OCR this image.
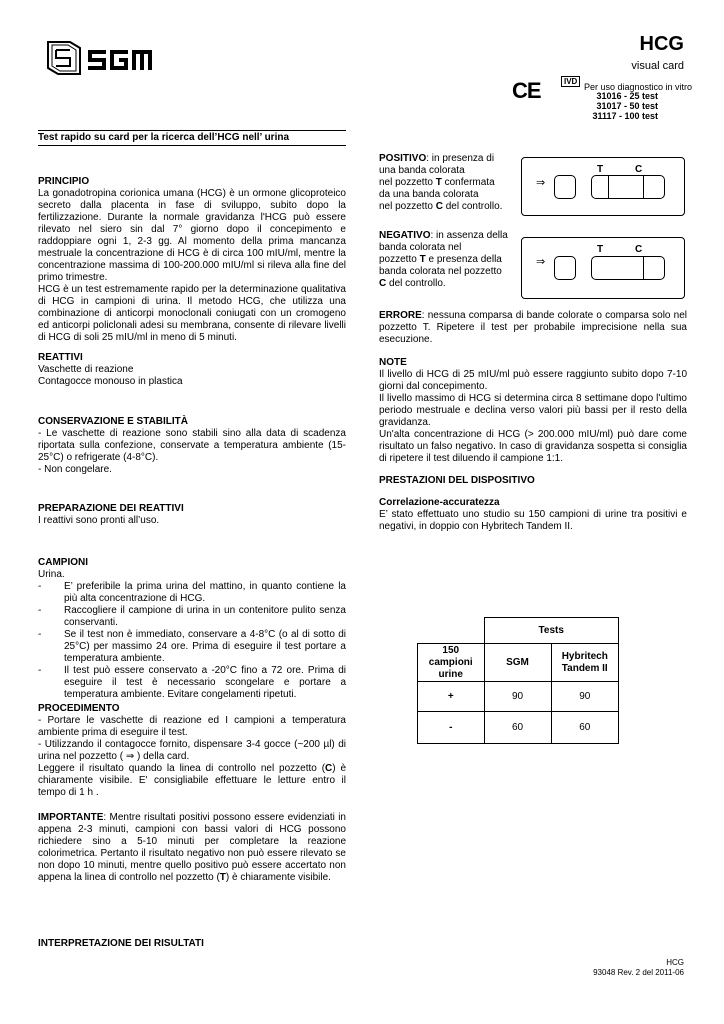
HCG
visual card
CE	IVD
Per uso diagnostico in vitro
31016 - 25 test
31017 - 50 test
31117 - 100 test
Test rapido su card per la ricerca dell’HCG nell’ urina
PRINCIPIO
La gonadotropina corionica umana (HCG) è un ormone glicoproteico secreto dalla placenta in fase di sviluppo, subito dopo la fertilizzazione. Durante la normale gravidanza l'HCG può essere rilevato nel siero sin dal 7° giorno dopo il concepimento e raddoppiare ogni 1, 2-3 gg. Al momento della prima mancanza mestruale la concentrazione di HCG è di circa 100 mIU/ml, mentre la concentrazione massima di 100-200.000 mIU/ml si rileva alla fine del primo trimestre.
HCG è un test estremamente rapido per la determinazione qualitativa di HCG in campioni di urina. Il metodo HCG, che utilizza una combinazione di anticorpi monoclonali coniugati con un cromogeno ed anticorpi policlonali adesi su membrana, consente di rilevare livelli di HCG di soli 25 mIU/ml in meno di 5 minuti.
REATTIVI
Vaschette di reazione
Contagocce monouso in plastica
CONSERVAZIONE E STABILITÀ
- Le vaschette di reazione sono stabili sino alla data di scadenza riportata sulla confezione, conservate a temperatura ambiente (15-25°C) o refrigerate (4-8°C).
- Non congelare.
PREPARAZIONE DEI REATTIVI
I reattivi sono pronti all’uso.
CAMPIONI
Urina.
- E’ preferibile la prima urina del mattino, in quanto contiene la più alta concentrazione di HCG.
- Raccogliere il campione di urina in un contenitore pulito senza conservanti.
- Se il test non è immediato, conservare a 4-8°C (o al di sotto di 25°C) per massimo 24 ore. Prima di eseguire il test portare a temperatura ambiente.
- Il test può essere conservato a -20°C fino a 72 ore. Prima di eseguire il test è necessario scongelare e portare a temperatura ambiente. Evitare congelamenti ripetuti.
PROCEDIMENTO
- Portare le vaschette di reazione ed I campioni a temperatura ambiente prima di eseguire il test.
- Utilizzando il contagocce fornito, dispensare 3-4 gocce (~200 µl) di urina nel pozzetto ( ⇒ ) della card.
Leggere il risultato quando la linea di controllo nel pozzetto (C) è chiaramente visibile. E' consigliabile effettuare le letture entro il tempo di 1 h .
IMPORTANTE: Mentre risultati positivi possono essere evidenziati in appena 2-3 minuti, campioni con bassi valori di HCG possono richiedere sino a 5-10 minuti per completare la reazione colorimetrica. Pertanto il risultato negativo non può essere rilevato se non dopo 10 minuti, mentre quello positivo può essere accertato non appena la linea di controllo nel pozzetto (T) è chiaramente visibile.
INTERPRETAZIONE DEI RISULTATI
POSITIVO: in presenza di
una banda colorata
nel pozzetto T confermata
da una banda colorata
nel pozzetto C del controllo.
T	C
⇒
NEGATIVO: in assenza della
banda colorata nel
pozzetto T e presenza della
banda colorata nel pozzetto
C del controllo.
T	C
⇒
ERRORE: nessuna comparsa di bande colorate o comparsa solo nel pozzetto T. Ripetere il test per probabile imprecisione nella sua esecuzione.
NOTE
Il livello di HCG di 25 mIU/ml può essere raggiunto subito dopo 7-10 giorni dal concepimento.
Il livello massimo di HCG si determina circa 8 settimane dopo l'ultimo periodo mestruale e declina verso valori più bassi per il resto della gravidanza.
Un'alta concentrazione di HCG (> 200.000 mIU/ml) può dare come risultato un falso negativo. In caso di gravidanza sospetta si consiglia di ripetere il test diluendo il campione 1:1.
PRESTAZIONI DEL DISPOSITIVO
Correlazione-accuratezza
E’ stato effettuato uno studio su 150 campioni di urine tra positivi e negativi, in doppio con Hybritech Tandem II.
	Tests	
150 campioni urine	SGM	Hybritech Tandem II
+	90	90
-	60	60
HCG
93048 Rev. 2 del 2011-06
